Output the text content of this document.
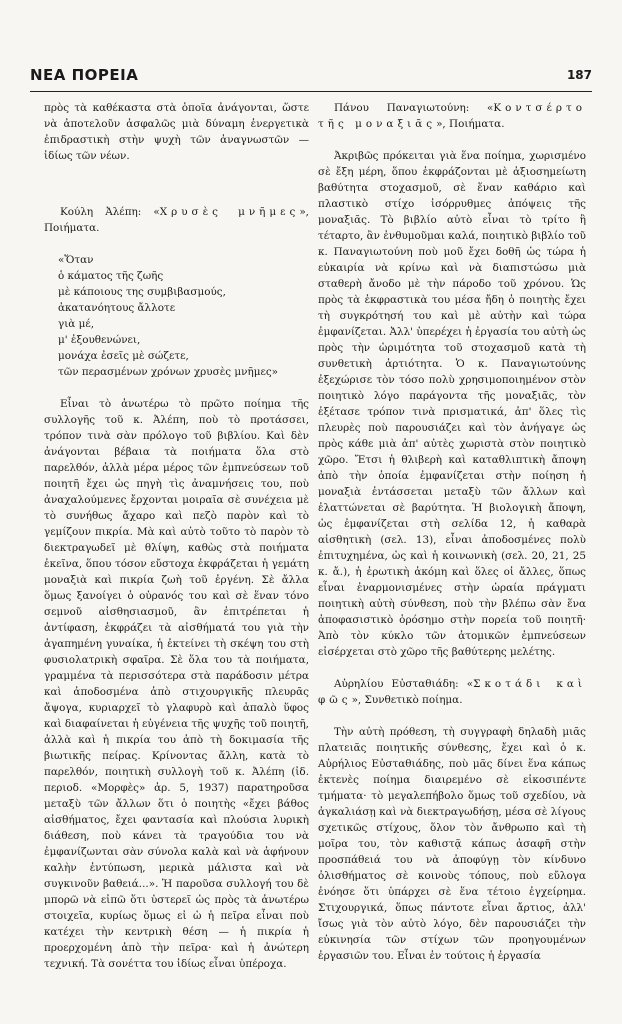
ΝΕΑ ΠΟΡΕΙΑ	187

πρὸς τὰ καθέκαστα στὰ ὁποῖα ἀνάγονται, ὥστε νὰ ἀποτελοῦν ἀσφαλῶς μιὰ δύναμη ἐνεργετικὰ ἐπιδραστικὴ στὴν ψυχὴ τῶν ἀναγνωστῶν — ἰδίως τῶν νέων.

Κούλη Ἀλέπη: «Χρυσὲς μνῆμες», Ποιήματα.

«Ὅταν
ὁ κάματος τῆς ζωῆς
μὲ κάποιους της συμβιβασμούς,
ἀκατανόητους ἄλλοτε
γιὰ μέ,
μ' ἐξουθενώνει,
μονάχα ἐσεῖς μὲ σώζετε,
τῶν περασμένων χρόνων χρυσὲς μνῆμες»

Εἶναι τὸ ἀνωτέρω τὸ πρῶτο ποίημα τῆς συλλογῆς τοῦ κ. Ἀλέπη, ποὺ τὸ προτάσσει, τρόπον τινὰ σὰν πρόλογο τοῦ βιβλίου. Καὶ δὲν ἀνάγονται βέβαια τὰ ποιήματα ὅλα στὸ παρελθόν, ἀλλὰ μέρα μέρος τῶν ἐμπνεύσεων τοῦ ποιητῆ ἔχει ὡς πηγὴ τὶς ἀναμνήσεις του, ποὺ ἀναχαλούμενες ἔρχονται μοιραῖα σὲ συνέχεια μὲ τὸ συνήθως ἄχαρο καὶ πεζὸ παρὸν καὶ τὸ γεμίζουν πικρία. Μὰ καὶ αὐτὸ τοῦτο τὸ παρὸν τὸ διεκτραγωδεῖ μὲ θλίψη, καθὼς στὰ ποιήματα ἐκεῖνα, ὅπου τόσον εὔστοχα ἐκφράζεται ἡ γεμάτη μοναξιὰ καὶ πικρία ζωὴ τοῦ ἐργένη. Σὲ ἄλλα ὅμως ξανοίγει ὁ οὐρανός του καὶ σὲ ἕναν τόνο σεμνοῦ αἰσθησιασμοῦ, ἂν ἐπιτρέπεται ἡ ἀντίφαση, ἐκφράζει τὰ αἰσθήματά του γιὰ τὴν ἀγαπημένη γυναίκα, ἡ ἐκτείνει τὴ σκέψη του στὴ φυσιολατρικὴ σφαῖρα. Σὲ ὅλα του τὰ ποιήματα, γραμμένα τὰ περισσότερα στὰ παράδοσιν μέτρα καὶ ἀποδοσμένα ἀπὸ στιχουργικῆς πλευρᾶς ἄψογα, κυριαρχεῖ τὸ γλαφυρὸ καὶ ἁπαλὸ ὕφος καὶ διαφαίνεται ἡ εὐγένεια τῆς ψυχῆς τοῦ ποιητῆ, ἀλλὰ καὶ ἡ πικρία του ἀπὸ τὴ δοκιμασία τῆς βιωτικῆς πείρας. Κρίνοντας ἄλλη, κατὰ τὸ παρελθόν, ποιητικὴ συλλογὴ τοῦ κ. Ἀλέπη (ἰδ. περιοδ. «Μορφὲς» ἀρ. 5, 1937) παρατηροῦσα μεταξὺ τῶν ἄλλων ὅτι ὁ ποιητὴς «ἔχει βάθος αἰσθήματος, ἔχει φαντασία καὶ πλούσια λυρικὴ διάθεση, ποὺ κάνει τὰ τραγούδια του νὰ ἐμφανίζωνται σὰν σύνολα καλὰ καὶ νὰ ἀφήνουν καλὴν ἐντύπωση, μερικὰ μάλιστα καὶ νὰ συγκινοῦν βαθειά...». Ἡ παροῦσα συλλογή του δὲ μπορῶ νὰ εἰπῶ ὅτι ὑστερεῖ ὡς πρὸς τὰ ἀνωτέρω στοιχεῖα, κυρίως ὅμως εἰ ὡ ἡ πεῖρα εἶναι ποὺ κατέχει τὴν κεντρικὴ θέση — ἡ πικρία ἡ προερχομένη ἀπὸ τὴν πεῖρα· καὶ ἡ ἀνώτερη τεχνική. Τὰ σονέττα του ἰδίως εἶναι ὑπέροχα.

Πάνου Παναγιωτούνη: «Κοντσέρτο τῆς μοναξιᾶς», Ποιήματα.

Ἀκριβῶς πρόκειται γιὰ ἕνα ποίημα, χωρισμένο σὲ ἔξη μέρη, ὅπου ἐκφράζονται μὲ ἀξιοσημείωτη βαθύτητα στοχασμοῦ, σὲ ἕναν καθάριο καὶ πλαστικὸ στίχο ἰσόρρυθμες ἀπόψεις τῆς μοναξιᾶς. Τὸ βιβλίο αὐτὸ εἶναι τὸ τρίτο ἢ τέταρτο, ἂν ἐνθυμοῦμαι καλά, ποιητικὸ βιβλίο τοῦ κ. Παναγιωτούνη ποὺ μοῦ ἔχει δοθῆ ὡς τώρα ἡ εὐκαιρία νὰ κρίνω καὶ νὰ διαπιστώσω μιὰ σταθερὴ ἄνοδο μὲ τὴν πάροδο τοῦ χρόνου. Ὡς πρὸς τὰ ἐκφραστικὰ του μέσα ἤδη ὁ ποιητὴς ἔχει τὴ συγκρότησή του καὶ μὲ αὐτὴν καὶ τώρα ἐμφανίζεται. Ἀλλ' ὑπερέχει ἡ ἐργασία του αὐτὴ ὡς πρὸς τὴν ὡριμότητα τοῦ στοχασμοῦ κατὰ τὴ συνθετικὴ ἀρτιότητα. Ὁ κ. Παναγιωτούνης ἐξεχώρισε τὸν τόσο πολὺ χρησιμοποιημένον στὸν ποιητικὸ λόγο παράγοντα τῆς μοναξιᾶς, τὸν ἐξέτασε τρόπον τινὰ πρισματικά, ἀπ' ὅλες τὶς πλευρὲς ποὺ παρουσιάζει καὶ τὸν ἀνήγαγε ὡς πρὸς κάθε μιὰ ἀπ' αὐτὲς χωριστὰ στὸν ποιητικὸ χῶρο. Ἔτσι ἡ θλιβερὴ καὶ καταθλιπτικὴ ἄποψη ἀπὸ τὴν ὁποία ἐμφανίζεται στὴν ποίηση ἡ μοναξιὰ ἐντάσσεται μεταξὺ τῶν ἄλλων καὶ ἐλαττώνεται σὲ βαρύτητα. Ἡ βιολογικὴ ἄποψη, ὡς ἐμφανίζεται στὴ σελίδα 12, ἡ καθαρὰ αἰσθητικὴ (σελ. 13), εἶναι ἀποδοσμένες πολὺ ἐπιτυχημένα, ὡς καὶ ἡ κοινωνικὴ (σελ. 20, 21, 25 κ. ἄ.), ἡ ἐρωτικὴ ἀκόμη καὶ ὅλες οἱ ἄλλες, ὅπως εἶναι ἐναρμονισμένες στὴν ὡραία πράγματι ποιητικὴ αὐτὴ σύνθεση, ποὺ τὴν βλέπω σὰν ἕνα ἀποφασιστικὸ ὁρόσημο στὴν πορεία τοῦ ποιητῆ· Ἀπὸ τὸν κύκλο τῶν ἀτομικῶν ἐμπνεύσεων εἰσέρχεται στὸ χῶρο τῆς βαθύτερης μελέτης.

Αὐρηλίου Εὐσταθιάδη: «Σκοτάδι καὶ φῶς», Συνθετικὸ ποίημα.

Τὴν αὐτὴ πρόθεση, τὴ συγγραφὴ δηλαδὴ μιᾶς πλατειᾶς ποιητικῆς σύνθεσης, ἔχει καὶ ὁ κ. Αὐρήλιος Εὐσταθιάδης, ποὺ μᾶς δίνει ἕνα κάπως ἐκτενὲς ποίημα διαιρεμένο σὲ εἰκοσιπέντε τμήματα· τὸ μεγαλεπήβολο ὅμως τοῦ σχεδίου, νὰ ἀγκαλιάσῃ καὶ νὰ διεκτραγωδήσῃ, μέσα σὲ λίγους σχετικῶς στίχους, ὅλον τὸν ἄνθρωπο καὶ τὴ μοῖρα του, τὸν καθιστᾷ κάπως ἀσαφῆ στὴν προσπάθειά του νὰ ἀποφύγῃ τὸν κίνδυνο ὀλισθήματος σὲ κοινοὺς τόπους, ποὺ εὔλογα ἐνόησε ὅτι ὑπάρχει σὲ ἕνα τέτοιο ἐγχείρημα. Στιχουργικά, ὅπως πάντοτε εἶναι ἄρτιος, ἀλλ' ἴσως γιὰ τὸν αὐτὸ λόγο, δὲν παρουσιάζει τὴν εὐκινησία τῶν στίχων τῶν προηγουμένων ἐργασιῶν του. Εἶναι ἐν τούτοις ἡ ἐργασία
